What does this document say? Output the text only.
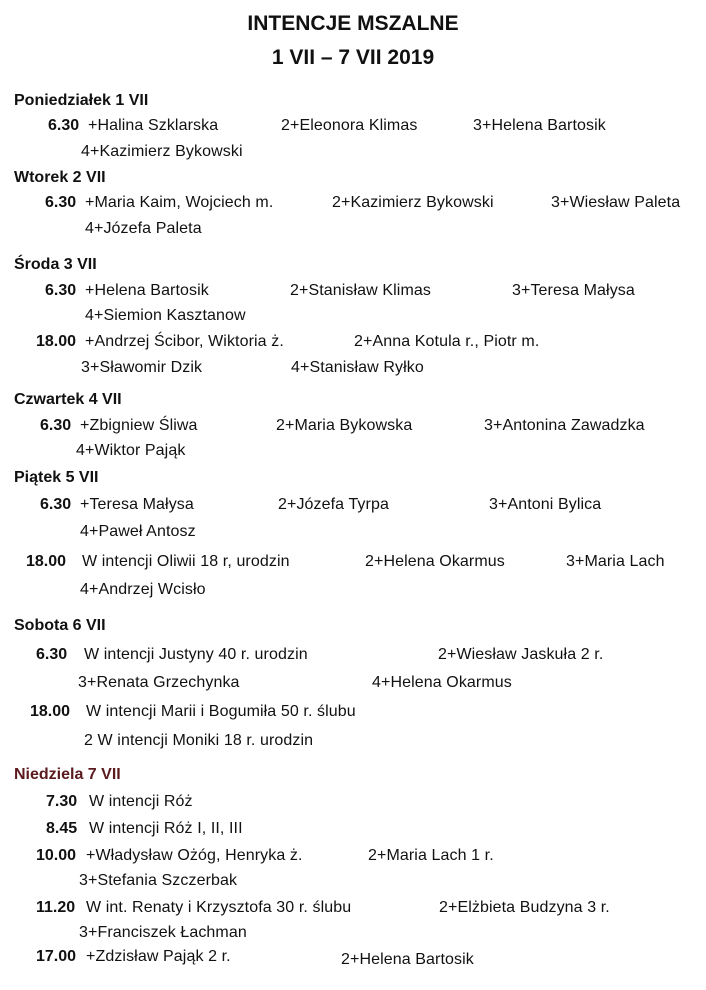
INTENCJE MSZALNE
1 VII – 7 VII 2019
Poniedziałek 1 VII
6.30 +Halina Szklarska	2+Eleonora Klimas	3+Helena Bartosik
4+Kazimierz Bykowski
Wtorek 2 VII
6.30 +Maria Kaim, Wojciech m.	2+Kazimierz Bykowski	3+Wiesław Paleta
4+Józefa Paleta
Środa 3 VII
6.30 +Helena Bartosik	2+Stanisław Klimas	3+Teresa Małysa
4+Siemion Kasztanow
18.00 +Andrzej Ścibor, Wiktoria ż.	2+Anna Kotula r., Piotr m.
3+Sławomir Dzik	4+Stanisław Ryłko
Czwartek 4 VII
6.30 +Zbigniew Śliwa	2+Maria Bykowska	3+Antonina Zawadzka
4+Wiktor Pająk
Piątek 5 VII
6.30 +Teresa Małysa	2+Józefa Tyrpa	3+Antoni Bylica
4+Paweł Antosz
18.00 W intencji Oliwii 18 r, urodzin	2+Helena Okarmus	3+Maria Lach
4+Andrzej Wcisło
Sobota 6 VII
6.30 W intencji Justyny 40 r. urodzin	2+Wiesław Jaskuła 2 r.
3+Renata Grzechynka	4+Helena Okarmus
18.00 W intencji Marii i Bogumiła 50 r. ślubu
2 W intencji Moniki 18 r. urodzin
Niedziela 7 VII
7.30 W intencji Róż
8.45 W intencji Róż I, II, III
10.00 +Władysław Ożóg, Henryka ż.	2+Maria Lach 1 r.
3+Stefania Szczerbak
11.20 W int. Renaty i Krzysztofa 30 r. ślubu	2+Elżbieta Budzyna 3 r.
3+Franciszek Łachman
17.00 +Zdzisław Pająk 2 r.	2+Helena Bartosik
